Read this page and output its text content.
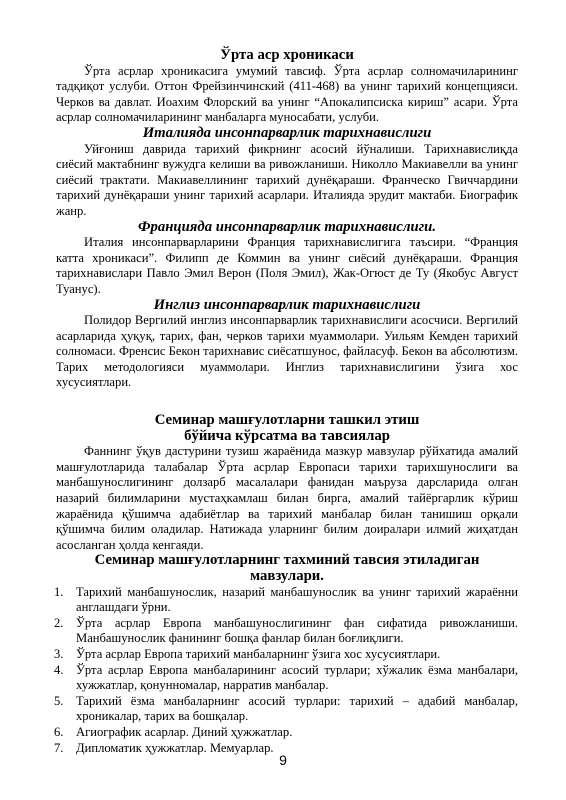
Ўрта аср хроникаси

Ўрта асрлар хроникасига умумий тавсиф. Ўрта асрлар солномачиларининг тадқиқот услуби. Оттон Фрейзинчинский (411-468) ва унинг тарихий концепцияси. Черков ва давлат. Иоахим Флорский ва унинг “Апокалипсиска кириш” асари. Ўрта асрлар солномачиларининг манбаларга муносабати, услуби.

Италияда инсонпарварлик тарихнавислиги

Уйғониш даврида тарихий фикрнинг асосий йўналиши. Тарихнавислиқда сиёсий мактабнинг вужудга келиши ва ривожланиши. Николло Макиавелли ва унинг сиёсий трактати. Макиавеллининг тарихий дунёқараши. Франческо Гвиччардини тарихий дунёқараши унинг тарихий асарлари. Италияда эрудит мактаби. Биографик жанр.

Францияда инсонпарварлик тарихнавислиги.

Италия инсонпарварларини Франция тарихнавислигига таъсири. “Франция катта хроникаси”. Филипп де Коммин ва унинг сиёсий дунёқараши. Франция тарихнавислари Павло Эмил Верон (Поля Эмил), Жак-Огюст де Ту (Якобус Август Туанус).

Инглиз инсонпарварлик тарихнавислиги

Полидор Вергилий инглиз инсонпарварлик тарихнавислиги асосчиси. Вергилий асарларида ҳуқуқ, тарих, фан, черков тарихи муаммолари. Уильям Кемден тарихий солномаси. Френсис Бекон тарихнавис сиёсатшунос, файласуф. Бекон ва абсолютизм. Тарих методологияси муаммолари. Инглиз тарихнавислигини ўзига хос хусусиятлари.

Семинар машғулотларни ташкил этиш
бўйича кўрсатма ва тавсиялар

Фаннинг ўқув дастурини тузиш жараёнида мазкур мавзулар рўйхатида амалий машғулотларида талабалар Ўрта асрлар Европаси тарихи тарихшунослиги ва манбашунослигининг долзарб масалалари фанидан маъруза дарсларида олган назарий билимларини мустаҳкамлаш билан бирга, амалий тайёргарлик кўриш жараёнида қўшимча адабиётлар ва тарихий манбалар билан танишиш орқали қўшимча билим оладилар. Натижада уларнинг билим доиралари илмий жиҳатдан асосланган ҳолда кенгаяди.

Семинар машғулотларнинг тахминий тавсия этиладиган мавзулари.
1. Тарихий манбашунослик, назарий манбашунослик ва унинг тарихий жараённи англашдаги ўрни.
2. Ўрта асрлар Европа манбашунослигининг фан сифатида ривожланиши. Манбашунослик фанининг бошқа фанлар билан боғлиқлиги.
3. Ўрта асрлар Европа тарихий манбаларнинг ўзига хос хусусиятлари.
4. Ўрта асрлар Европа манбаларининг асосий турлари; хўжалик ёзма манбалари, хужжатлар, қонунномалар, нарратив манбалар.
5. Тарихий ёзма манбаларнинг асосий турлари: тарихий – адабий манбалар, хроникалар, тарих ва бошқалар.
6. Агиографик асарлар. Диний ҳужжатлар.
7. Дипломатик ҳужжатлар. Мемуарлар.
9
